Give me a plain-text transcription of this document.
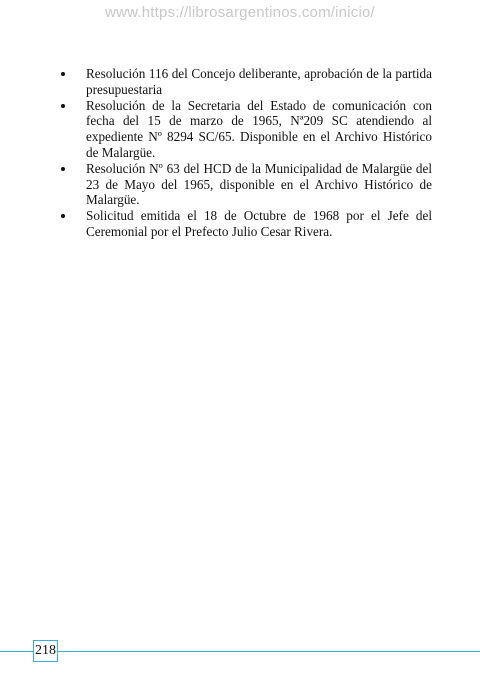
www.https://librosargentinos.com/inicio/
Resolución 116 del Concejo deliberante, aprobación de la partida presupuestaria
Resolución de la Secretaria del Estado de comunicación con fecha del 15 de marzo de 1965, Nª209 SC atendiendo al expediente Nº 8294 SC/65. Disponible en el Archivo Histórico de Malargüe.
Resolución Nº 63 del HCD de la Municipalidad de Malargüe del 23 de Mayo del 1965, disponible en el Archivo Histórico de Malargüe.
Solicitud emitida el 18 de Octubre de 1968 por el Jefe del Ceremonial por el Prefecto Julio Cesar Rivera.
218
